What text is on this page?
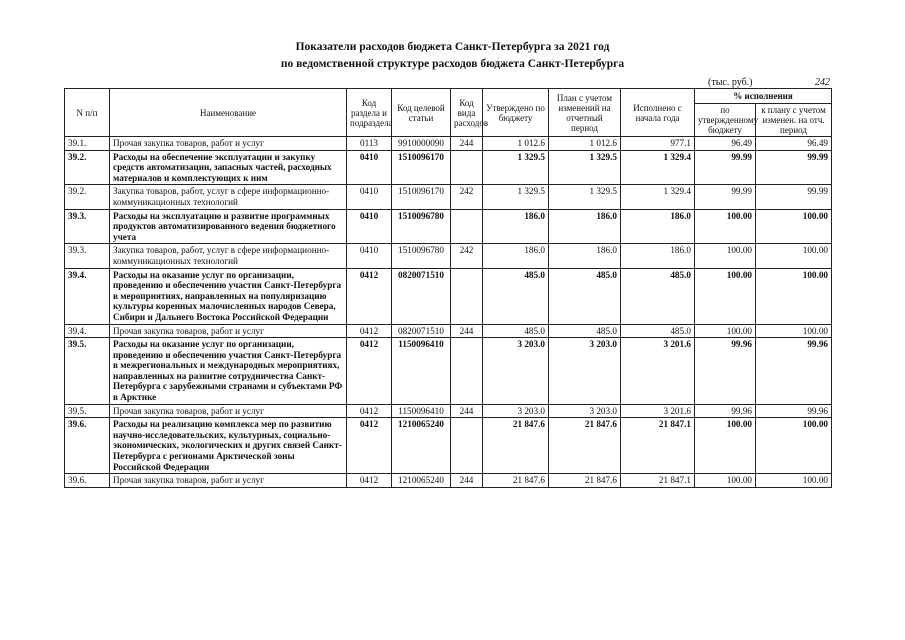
Показатели расходов бюджета Санкт-Петербурга за 2021 год
по ведомственной структуре расходов бюджета Санкт-Петербурга
(тыс. руб.)	242
N п/п	Наименование	Код раздела и подраздела	Код целевой статьи	Код вида расходов	Утверждено по бюджету	План с учетом изменений на отчетный период	Исполнено с начала года	% исполнения	
								по утвержденному бюджету	к плану с учетом изменен. на отч. период
39.1.	Прочая закупка товаров, работ и услуг	0113	9910000090	244	1 012.6	1 012.6	977.1	96.49	96.49
39.2.	Расходы на обеспечение эксплуатации и закупку средств автоматизации, запасных частей, расходных материалов и комплектующих к ним	0410	1510096170		1 329.5	1 329.5	1 329.4	99.99	99.99
39.2.	Закупка товаров, работ, услуг в сфере информационно-коммуникационных технологий	0410	1510096170	242	1 329.5	1 329.5	1 329.4	99.99	99.99
39.3.	Расходы на эксплуатацию и развитие программных продуктов автоматизированного ведения бюджетного учета	0410	1510096780		186.0	186.0	186.0	100.00	100.00
39.3.	Закупка товаров, работ, услуг в сфере информационно-коммуникационных технологий	0410	1510096780	242	186.0	186.0	186.0	100.00	100.00
39.4.	Расходы на оказание услуг по организации, проведению и обеспечению участия Санкт-Петербурга в мероприятиях, направленных на популяризацию культуры коренных малочисленных народов Севера, Сибири и Дальнего Востока Российской Федерации	0412	0820071510		485.0	485.0	485.0	100.00	100.00
39.4.	Прочая закупка товаров, работ и услуг	0412	0820071510	244	485.0	485.0	485.0	100.00	100.00
39.5.	Расходы на оказание услуг по организации, проведению и обеспечению участия Санкт-Петербурга в межрегиональных и международных мероприятиях, направленных на развитие сотрудничества Санкт-Петербурга с зарубежными странами и субъектами РФ в Арктике	0412	1150096410		3 203.0	3 203.0	3 201.6	99.96	99.96
39.5.	Прочая закупка товаров, работ и услуг	0412	1150096410	244	3 203.0	3 203.0	3 201.6	99.96	99.96
39.6.	Расходы на реализацию комплекса мер по развитию научно-исследовательских, культурных, социально-экономических, экологических и других связей Санкт-Петербурга с регионами Арктической зоны Российской Федерации	0412	1210065240		21 847.6	21 847.6	21 847.1	100.00	100.00
39.6.	Прочая закупка товаров, работ и услуг	0412	1210065240	244	21 847.6	21 847.6	21 847.1	100.00	100.00
